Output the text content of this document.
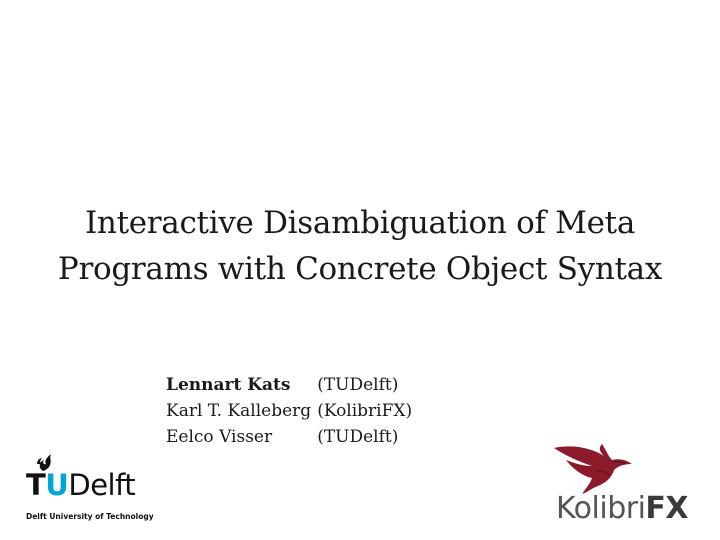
Interactive Disambiguation of Meta
Programs with Concrete Object Syntax
Lennart Kats	(TUDelft)
Karl T. Kalleberg	(KolibriFX)
Eelco Visser	(TUDelft)
TUDelft
Delft University of Technology	KolibriFX
